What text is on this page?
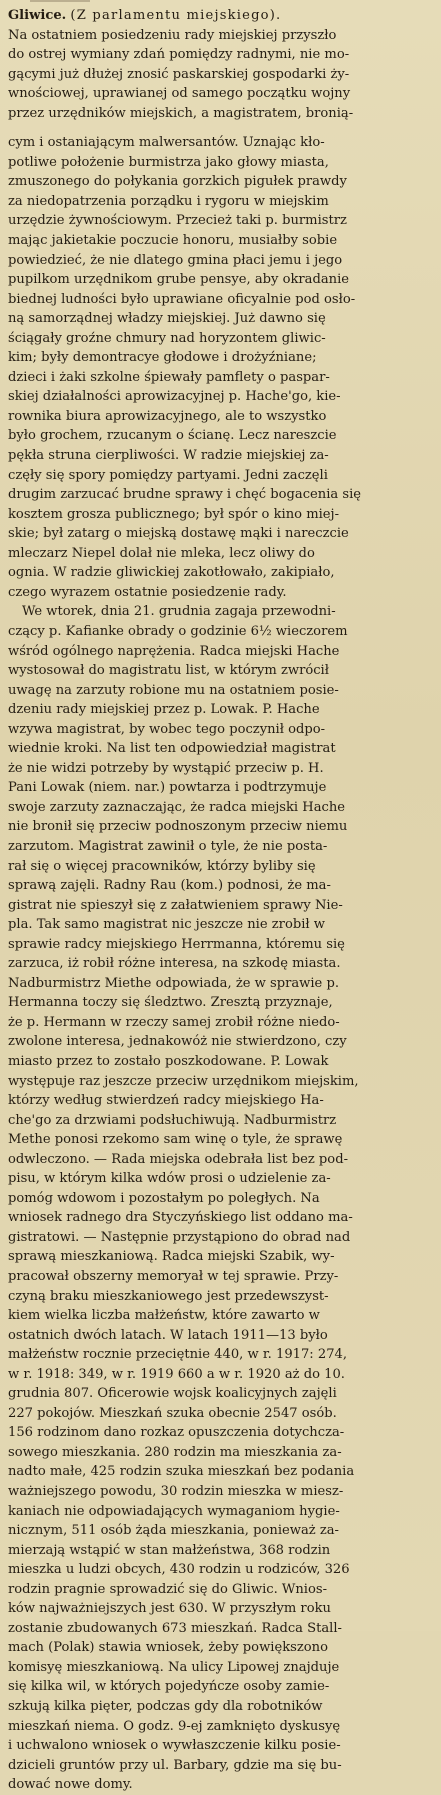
Gliwice. (Z parlamentu miejskiego).
Na ostatniem posiedzeniu rady miejskiej przyszło
do ostrej wymiany zdań pomiędzy radnymi, nie mo-
gącymi już dłużej znosić paskarskiej gospodarki ży-
wnościowej, uprawianej od samego początku wojny
przez urzędników miejskich, a magistratem, bronią-
cym i ostaniającym malwersantów. Uznając kło-
potliwe położenie burmistrza jako głowy miasta,
zmuszonego do połykania gorzkich pigułek prawdy
za niedopatrzenia porządku i rygoru w miejskim
urzędzie żywnościowym. Przecież taki p. burmistrz
mając jakietakie poczucie honoru, musiałby sobie
powiedzieć, że nie dlatego gmina płaci jemu i jego
pupilkom urzędnikom grube pensye, aby okradanie
biednej ludności było uprawiane oficyalnie pod osło-
ną samorządnej władzy miejskiej. Już dawno się
ściągały groźne chmury nad horyzontem gliwic-
kim; były demontracye głodowe i drożyźniane;
dzieci i żaki szkolne śpiewały pamflety o paspar-
skiej działalności aprowizacyjnej p. Hache'go, kie-
rownika biura aprowizacyjnego, ale to wszystko
było grochem, rzucanym o ścianę. Lecz nareszcie
pękła struna cierpliwości. W radzie miejskiej za-
częły się spory pomiędzy partyami. Jedni zaczęli
drugim zarzucać brudne sprawy i chęć bogacenia się
kosztem grosza publicznego; był spór o kino miej-
skie; był zatarg o miejską dostawę mąki i nareczcie
mleczarz Niepel dolał nie mleka, lecz oliwy do
ognia. W radzie gliwickiej zakotłowało, zakipiało,
czego wyrazem ostatnie posiedzenie rady.
We wtorek, dnia 21. grudnia zagaja przewodni-
czący p. Kafianke obrady o godzinie 6½ wieczorem
wśród ogólnego naprężenia. Radca miejski Hache
wystosował do magistratu list, w którym zwrócił
uwagę na zarzuty robione mu na ostatniem posie-
dzeniu rady miejskiej przez p. Lowak. P. Hache
wzywa magistrat, by wobec tego poczynił odpo-
wiednie kroki. Na list ten odpowiedział magistrat
że nie widzi potrzeby by wystąpić przeciw p. H.
Pani Lowak (niem. nar.) powtarza i podtrzymuje
swoje zarzuty zaznaczając, że radca miejski Hache
nie bronił się przeciw podnoszonym przeciw niemu
zarzutom. Magistrat zawinił o tyle, że nie posta-
rał się o więcej pracowników, którzy byliby się
sprawą zajęli. Radny Rau (kom.) podnosi, że ma-
gistrat nie spieszył się z załatwieniem sprawy Nie-
pla. Tak samo magistrat nic jeszcze nie zrobił w
sprawie radcy miejskiego Herrmanna, któremu się
zarzuca, iż robił różne interesa, na szkodę miasta.
Nadburmistrz Miethe odpowiada, że w sprawie p.
Hermanna toczy się śledztwo. Zresztą przyznaje,
że p. Hermann w rzeczy samej zrobił różne niedo-
zwolone interesa, jednakowóż nie stwierdzono, czy
miasto przez to zostało poszkodowane. P. Lowak
występuje raz jeszcze przeciw urzędnikom miejskim,
którzy według stwierdzeń radcy miejskiego Ha-
che'go za drzwiami podsłuchiwują. Nadburmistrz
Methe ponosi rzekomo sam winę o tyle, że sprawę
odwleczono. — Rada miejska odebrała list bez pod-
pisu, w którym kilka wdów prosi o udzielenie za-
pomóg wdowom i pozostałym po poległych. Na
wniosek radnego dra Styczyńskiego list oddano ma-
gistratowi. — Następnie przystąpiono do obrad nad
sprawą mieszkaniową. Radca miejski Szabik, wy-
pracował obszerny memoryał w tej sprawie. Przy-
czyną braku mieszkaniowego jest przedewszyst-
kiem wielka liczba małżeństw, które zawarto w
ostatnich dwóch latach. W latach 1911—13 było
małżeństw rocznie przeciętnie 440, w r. 1917: 274,
w r. 1918: 349, w r. 1919 660 a w r. 1920 aż do 10.
grudnia 807. Oficerowie wojsk koalicyjnych zajęli
227 pokojów. Mieszkań szuka obecnie 2547 osób.
156 rodzinom dano rozkaz opuszczenia dotychcza-
sowego mieszkania. 280 rodzin ma mieszkania za-
nadto małe, 425 rodzin szuka mieszkań bez podania
ważniejszego powodu, 30 rodzin mieszka w miesz-
kaniach nie odpowiadających wymaganiom hygie-
nicznym, 511 osób żąda mieszkania, ponieważ za-
mierzają wstąpić w stan małżeństwa, 368 rodzin
mieszka u ludzi obcych, 430 rodzin u rodziców, 326
rodzin pragnie sprowadzić się do Gliwic. Wnios-
ków najważniejszych jest 630. W przyszłym roku
zostanie zbudowanych 673 mieszkań. Radca Stall-
mach (Polak) stawia wniosek, żeby powiększono
komisyę mieszkaniową. Na ulicy Lipowej znajduje
się kilka wil, w których pojedyńcze osoby zamie-
szkują kilka pięter, podczas gdy dla robotników
mieszkań niema. O godz. 9-ej zamknięto dyskusyę
i uchwalono wniosek o wywłaszczenie kilku posie-
dzicieli gruntów przy ul. Barbary, gdzie ma się bu-
dować nowe domy.
